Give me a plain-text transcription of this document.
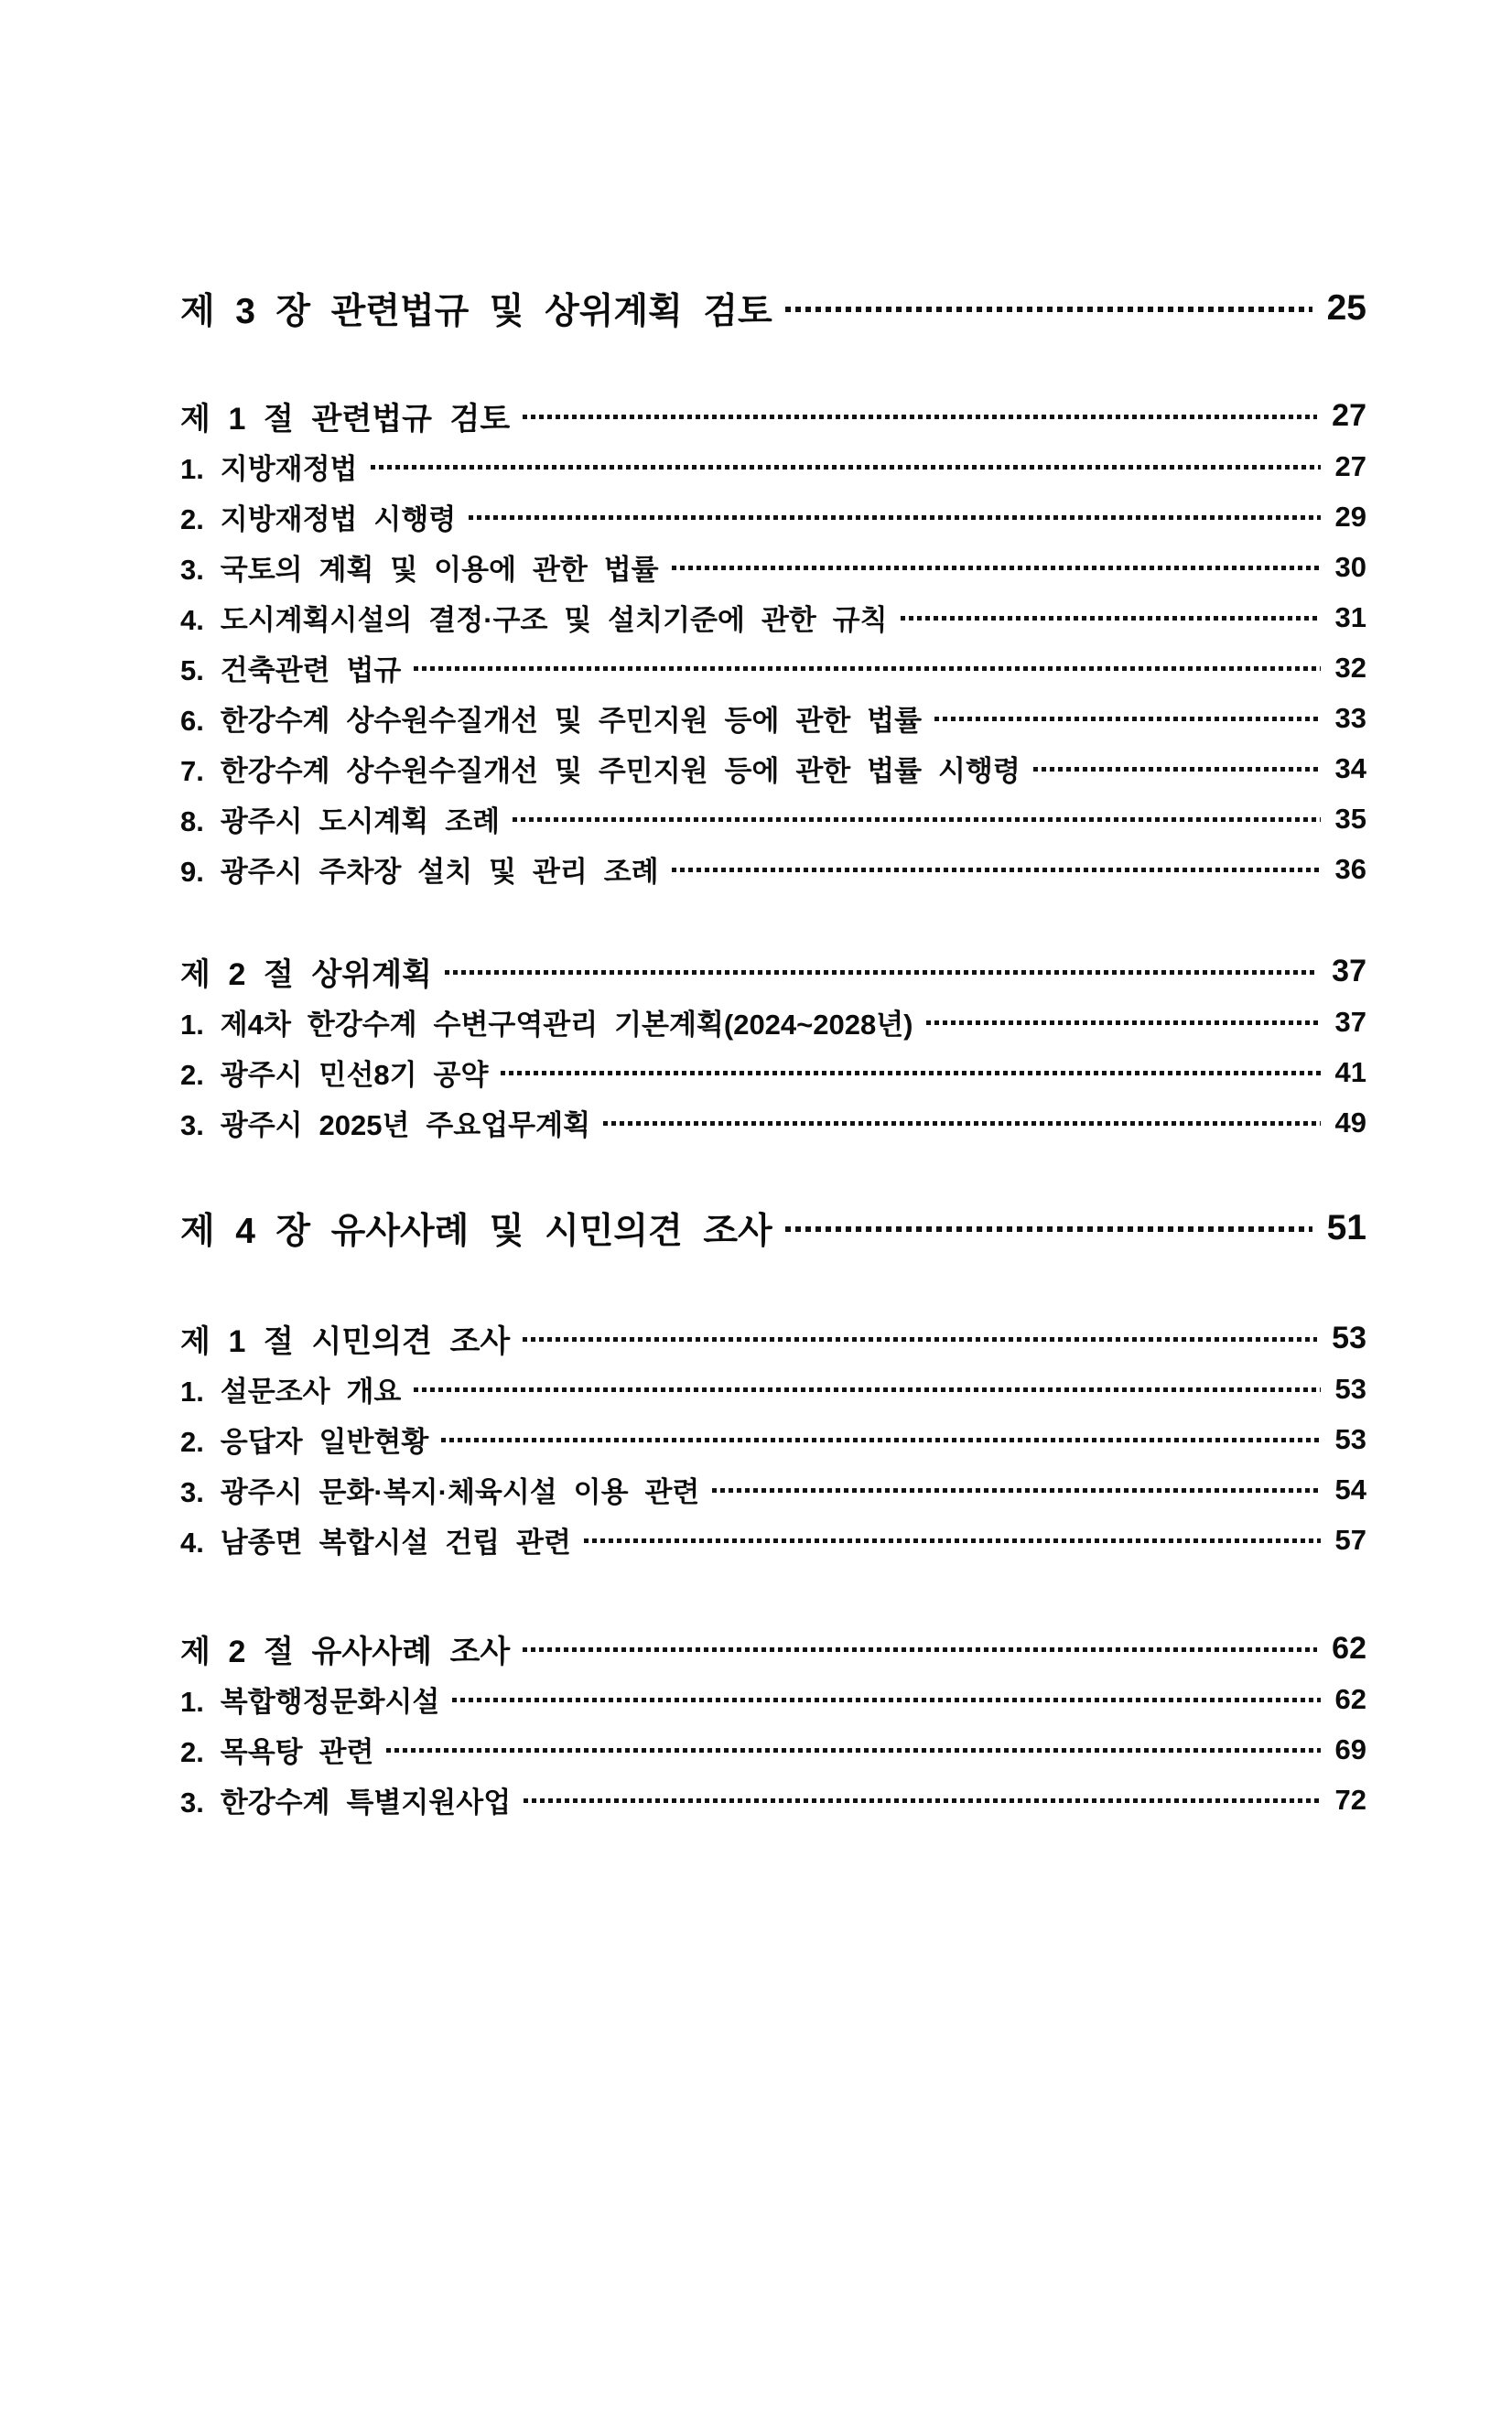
제 3 장 관련법규 및 상위계획 검토	25
제 1 절 관련법규 검토	27
1. 지방재정법	27
2. 지방재정법 시행령	29
3. 국토의 계획 및 이용에 관한 법률	30
4. 도시계획시설의 결정·구조 및 설치기준에 관한 규칙	31
5. 건축관련 법규	32
6. 한강수계 상수원수질개선 및 주민지원 등에 관한 법률	33
7. 한강수계 상수원수질개선 및 주민지원 등에 관한 법률 시행령	34
8. 광주시 도시계획 조례	35
9. 광주시 주차장 설치 및 관리 조례	36
제 2 절 상위계획	37
1. 제4차 한강수계 수변구역관리 기본계획(2024~2028년)	37
2. 광주시 민선8기 공약	41
3. 광주시 2025년 주요업무계획	49
제 4 장 유사사례 및 시민의견 조사	51
제 1 절 시민의견 조사	53
1. 설문조사 개요	53
2. 응답자 일반현황	53
3. 광주시 문화·복지·체육시설 이용 관련	54
4. 남종면 복합시설 건립 관련	57
제 2 절 유사사례 조사	62
1. 복합행정문화시설	62
2. 목욕탕 관련	69
3. 한강수계 특별지원사업	72
